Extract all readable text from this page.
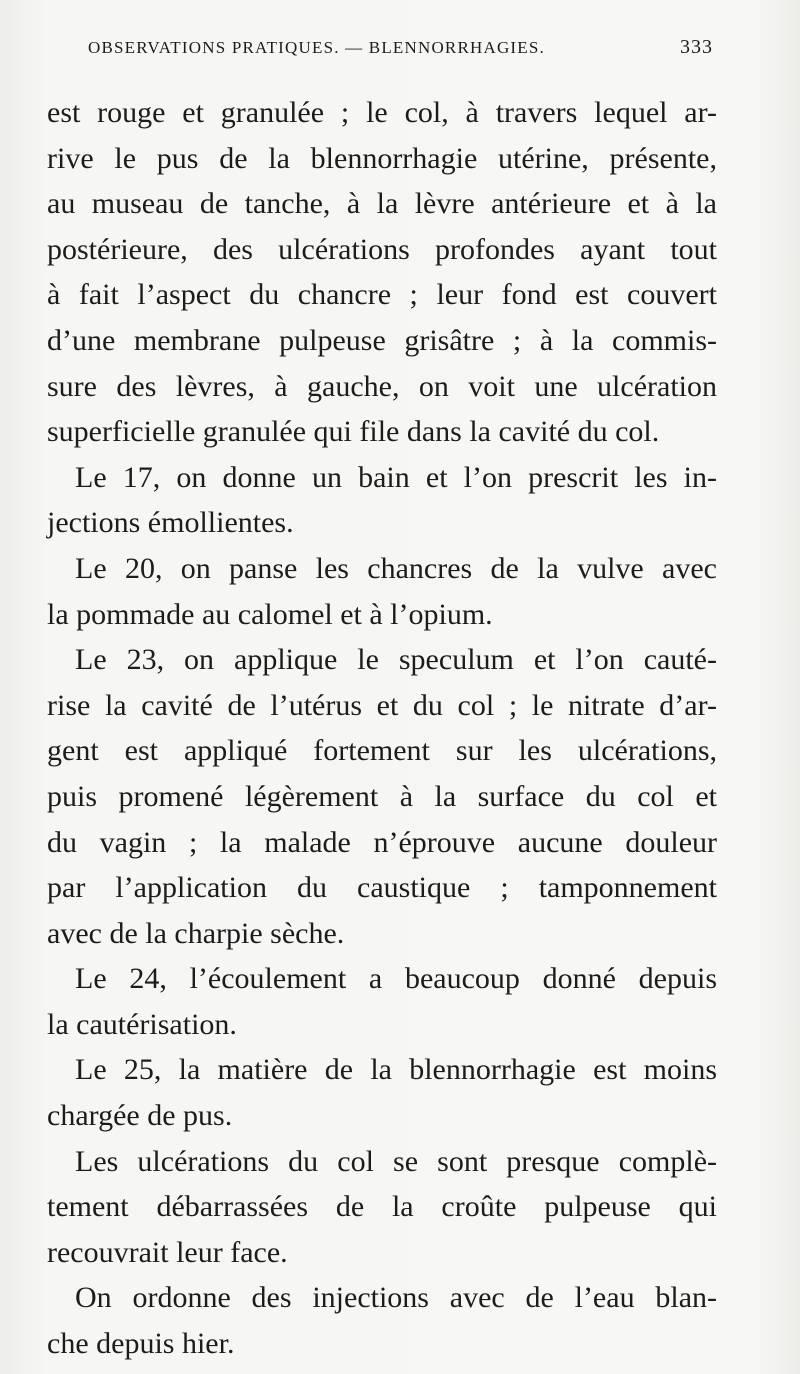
OBSERVATIONS PRATIQUES. — BLENNORRHAGIES.	333
est rouge et granulée ; le col, à travers lequel ar-
rive le pus de la blennorrhagie utérine, présente,
au museau de tanche, à la lèvre antérieure et à la
postérieure, des ulcérations profondes ayant tout
à fait l’aspect du chancre ; leur fond est couvert
d’une membrane pulpeuse grisâtre ; à la commis-
sure des lèvres, à gauche, on voit une ulcération
superficielle granulée qui file dans la cavité du col.
Le 17, on donne un bain et l’on prescrit les in-
jections émollientes.
Le 20, on panse les chancres de la vulve avec
la pommade au calomel et à l’opium.
Le 23, on applique le speculum et l’on cauté-
rise la cavité de l’utérus et du col ; le nitrate d’ar-
gent est appliqué fortement sur les ulcérations,
puis promené légèrement à la surface du col et
du vagin ; la malade n’éprouve aucune douleur
par l’application du caustique ; tamponnement
avec de la charpie sèche.
Le 24, l’écoulement a beaucoup donné depuis
la cautérisation.
Le 25, la matière de la blennorrhagie est moins
chargée de pus.
Les ulcérations du col se sont presque complè-
tement débarrassées de la croûte pulpeuse qui
recouvrait leur face.
On ordonne des injections avec de l’eau blan-
che depuis hier.
